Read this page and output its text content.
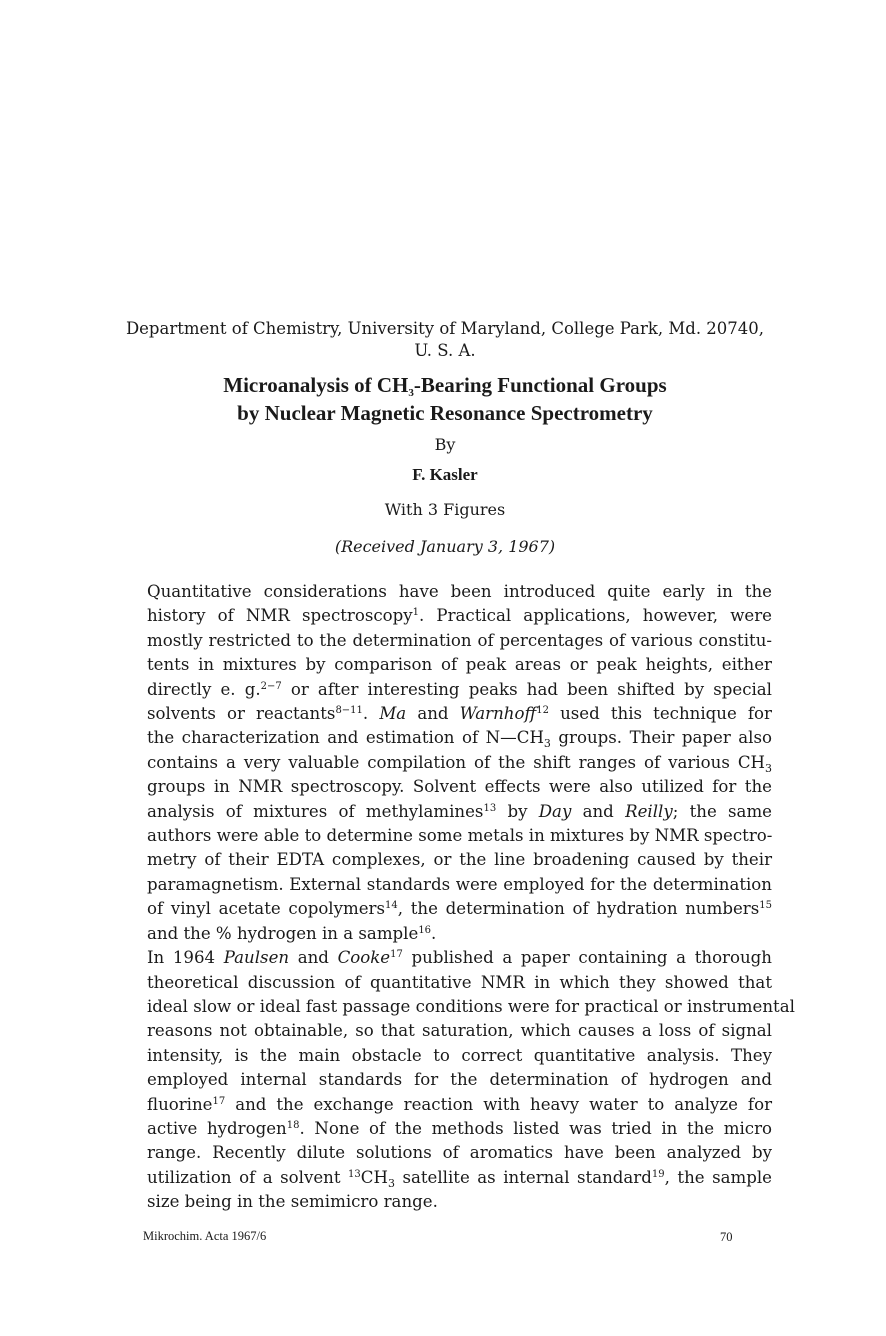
Department of Chemistry, University of Maryland, College Park, Md. 20740,
U. S. A.
Microanalysis of $CH_3$-Bearing Functional Groups
by Nuclear Magnetic Resonance Spectrometry
By
F. Kasler
With 3 Figures
(Received January 3, 1967)

Quantitative considerations have been introduced quite early in the
history of NMR spectroscopy$^1$. Practical applications, however, were
mostly restricted to the determination of percentages of various constitu-
tents in mixtures by comparison of peak areas or peak heights, either
directly e. g.$^{2-7}$ or after interesting peaks had been shifted by special
solvents or reactants$^{8-11}$. Ma and Warnhoff$^{12}$ used this technique for
the characterization and estimation of $N—CH_3$ groups. Their paper also
contains a very valuable compilation of the shift ranges of various $CH_3$
groups in NMR spectroscopy. Solvent effects were also utilized for the
analysis of mixtures of methylamines$^{13}$ by Day and Reilly; the same
authors were able to determine some metals in mixtures by NMR spectro-
metry of their EDTA complexes, or the line broadening caused by their
paramagnetism. External standards were employed for the determination
of vinyl acetate copolymers$^{14}$, the determination of hydration numbers$^{15}$
and the % hydrogen in a sample$^{16}$.

In 1964 Paulsen and Cooke$^{17}$ published a paper containing a thorough
theoretical discussion of quantitative NMR in which they showed that
ideal slow or ideal fast passage conditions were for practical or instrumental
reasons not obtainable, so that saturation, which causes a loss of signal
intensity, is the main obstacle to correct quantitative analysis. They
employed internal standards for the determination of hydrogen and
fluorine$^{17}$ and the exchange reaction with heavy water to analyze for
active hydrogen$^{18}$. None of the methods listed was tried in the micro
range. Recently dilute solutions of aromatics have been analyzed by
utilization of a solvent $^{13}CH_3$ satellite as internal standard$^{19}$, the sample
size being in the semimicro range.

Mikrochim. Acta 1967/6	70
